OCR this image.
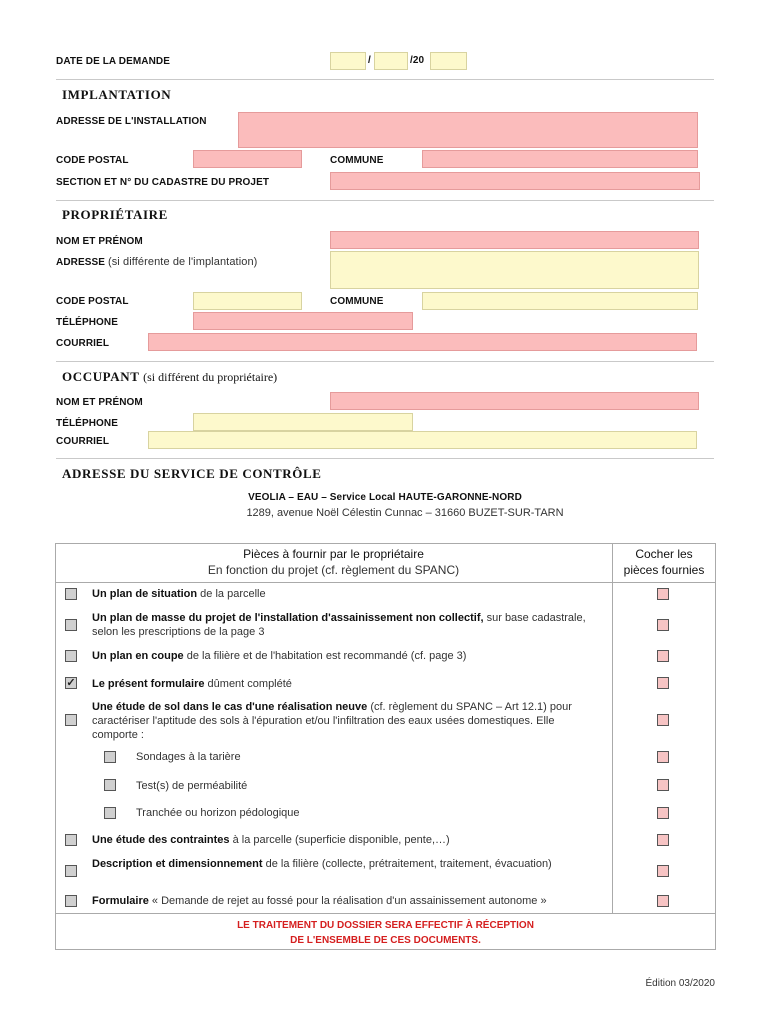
DATE DE LA DEMANDE	/	/20
IMPLANTATION
ADRESSE DE L'INSTALLATION
CODE POSTAL	COMMUNE
SECTION ET N° DU CADASTRE DU PROJET
PROPRIÉTAIRE
NOM ET PRÉNOM
ADRESSE (si différente de l'implantation)
CODE POSTAL	COMMUNE
TÉLÉPHONE
COURRIEL
OCCUPANT (si différent du propriétaire)
NOM ET PRÉNOM
TÉLÉPHONE
COURRIEL
ADRESSE DU SERVICE DE CONTRÔLE
VEOLIA – EAU – Service Local HAUTE-GARONNE-NORD
1289, avenue Noël Célestin Cunnac – 31660 BUZET-SUR-TARN
Pièces à fournir par le propriétaire
En fonction du projet (cf. règlement du SPANC)
Cocher les
pièces fournies
Un plan de situation de la parcelle
Un plan de masse du projet de l'installation d'assainissement non collectif, sur base cadastrale, selon les prescriptions de la page 3
Un plan en coupe de la filière et de l'habitation est recommandé (cf. page 3)
✓ Le présent formulaire dûment complété
Une étude de sol dans le cas d'une réalisation neuve (cf. règlement du SPANC – Art 12.1) pour caractériser l'aptitude des sols à l'épuration et/ou l'infiltration des eaux usées domestiques. Elle comporte :
Sondages à la tarière
Test(s) de perméabilité
Tranchée ou horizon pédologique
Une étude des contraintes à la parcelle (superficie disponible, pente,…)
Description et dimensionnement de la filière (collecte, prétraitement, traitement, évacuation)
Formulaire « Demande de rejet au fossé pour la réalisation d'un assainissement autonome »
LE TRAITEMENT DU DOSSIER SERA EFFECTIF À RÉCEPTION
DE L'ENSEMBLE DE CES DOCUMENTS.
Édition 03/2020
